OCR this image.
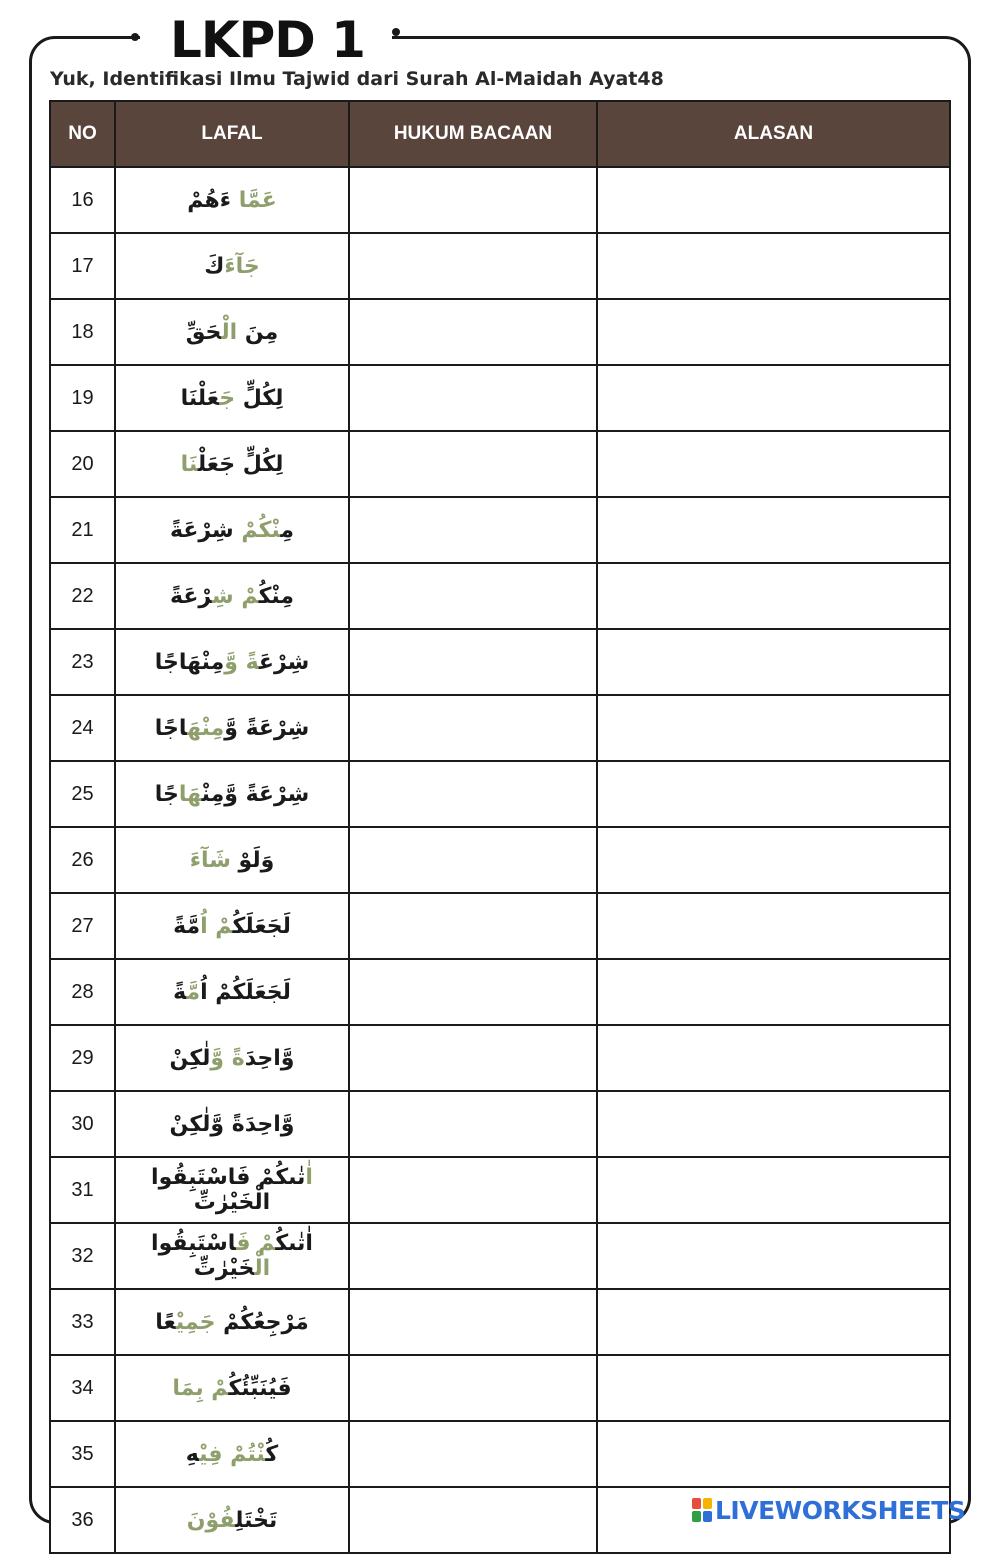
LKPD 1
Yuk, Identifikasi Ilmu Tajwid dari Surah Al-Maidah Ayat48
NO	LAFAL	HUKUM BACAAN	ALASAN
16	عَمَّا ءَهُمْ		
17	جَآءَكَ		
18	مِنَ الْحَقِّ		
19	لِكُلٍّ جَعَلْنَا		
20	لِكُلٍّ جَعَلْنَا		
21	مِنْكُمْ شِرْعَةً		
22	مِنْكُمْ شِرْعَةً		
23	شِرْعَةً وَّمِنْهَاجًا		
24	شِرْعَةً وَّمِنْهَاجًا		
25	شِرْعَةً وَّمِنْهَاجًا		
26	وَلَوْ شَآءَ		
27	لَجَعَلَكُمْ اُمَّةً		
28	لَجَعَلَكُمْ اُمَّةً		
29	وَّاحِدَةً وَّلٰكِنْ		
30	وَّاحِدَةً وَّلٰكِنْ		
31	اٰتٰىكُمْ فَاسْتَبِقُوا الْخَيْرٰتِّ		
32	اٰتٰىكُمْ فَاسْتَبِقُوا الْخَيْرٰتِّ		
33	مَرْجِعُكُمْ جَمِيْعًا		
34	فَيُنَبِّئُكُمْ بِمَا		
35	كُنْتُمْ فِيْهِ		
36	تَخْتَلِفُوْنَ			LIVEWORKSHEETS
